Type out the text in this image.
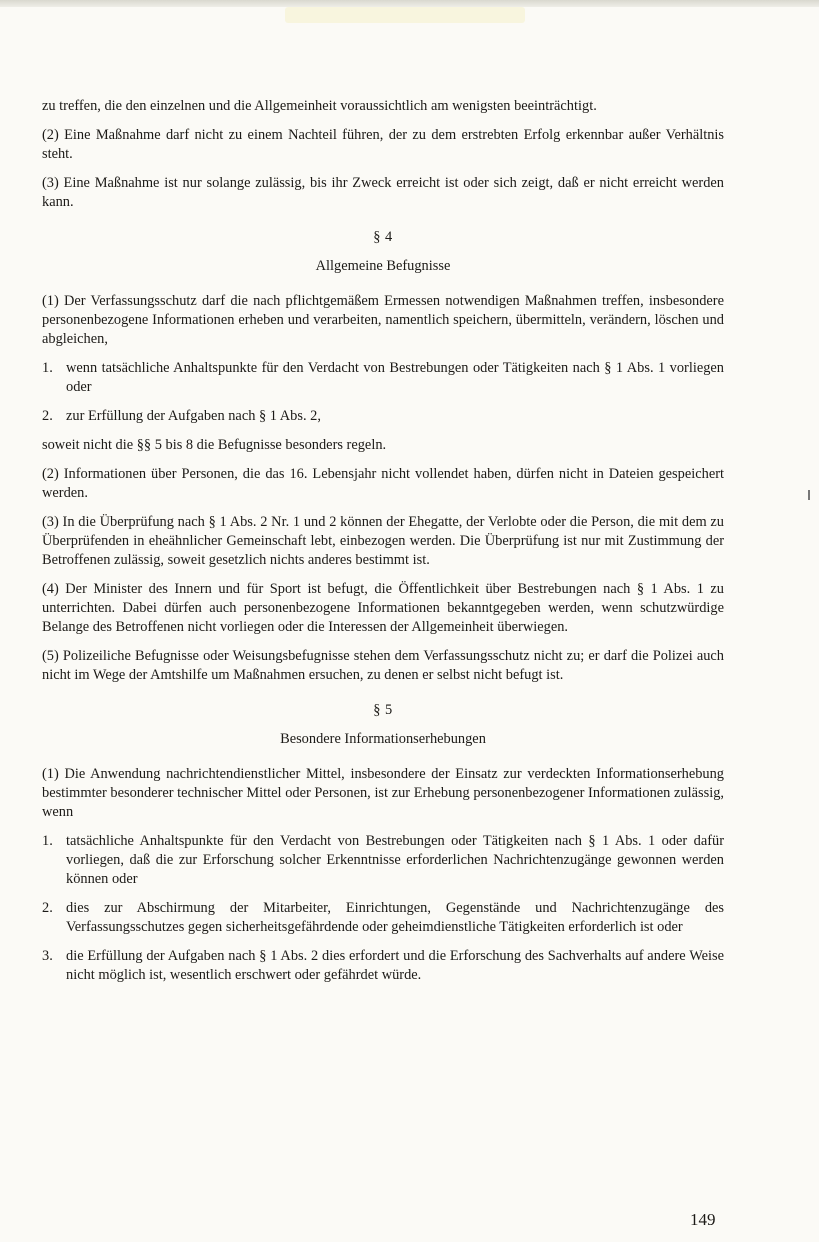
zu treffen, die den einzelnen und die Allgemeinheit voraussichtlich am wenigsten beeinträchtigt.

(2) Eine Maßnahme darf nicht zu einem Nachteil führen, der zu dem erstrebten Erfolg erkennbar außer Verhältnis steht.

(3) Eine Maßnahme ist nur solange zulässig, bis ihr Zweck erreicht ist oder sich zeigt, daß er nicht erreicht werden kann.

§ 4

Allgemeine Befugnisse

(1) Der Verfassungsschutz darf die nach pflichtgemäßem Ermessen notwendigen Maßnahmen treffen, insbesondere personenbezogene Informationen erheben und verarbeiten, namentlich speichern, übermitteln, verändern, löschen und abgleichen,

1. wenn tatsächliche Anhaltspunkte für den Verdacht von Bestrebungen oder Tätigkeiten nach § 1 Abs. 1 vorliegen oder
2. zur Erfüllung der Aufgaben nach § 1 Abs. 2,

soweit nicht die §§ 5 bis 8 die Befugnisse besonders regeln.

(2) Informationen über Personen, die das 16. Lebensjahr nicht vollendet haben, dürfen nicht in Dateien gespeichert werden.

(3) In die Überprüfung nach § 1 Abs. 2 Nr. 1 und 2 können der Ehegatte, der Verlobte oder die Person, die mit dem zu Überprüfenden in eheähnlicher Gemeinschaft lebt, einbezogen werden. Die Überprüfung ist nur mit Zustimmung der Betroffenen zulässig, soweit gesetzlich nichts anderes bestimmt ist.

(4) Der Minister des Innern und für Sport ist befugt, die Öffentlichkeit über Bestrebungen nach § 1 Abs. 1 zu unterrichten. Dabei dürfen auch personenbezogene Informationen bekanntgegeben werden, wenn schutzwürdige Belange des Betroffenen nicht vorliegen oder die Interessen der Allgemeinheit überwiegen.

(5) Polizeiliche Befugnisse oder Weisungsbefugnisse stehen dem Verfassungsschutz nicht zu; er darf die Polizei auch nicht im Wege der Amtshilfe um Maßnahmen ersuchen, zu denen er selbst nicht befugt ist.

§ 5

Besondere Informationserhebungen

(1) Die Anwendung nachrichtendienstlicher Mittel, insbesondere der Einsatz zur verdeckten Informationserhebung bestimmter besonderer technischer Mittel oder Personen, ist zur Erhebung personenbezogener Informationen zulässig, wenn

1. tatsächliche Anhaltspunkte für den Verdacht von Bestrebungen oder Tätigkeiten nach § 1 Abs. 1 oder dafür vorliegen, daß die zur Erforschung solcher Erkenntnisse erforderlichen Nachrichtenzugänge gewonnen werden können oder
2. dies zur Abschirmung der Mitarbeiter, Einrichtungen, Gegenstände und Nachrichtenzugänge des Verfassungsschutzes gegen sicherheitsgefährdende oder geheimdienstliche Tätigkeiten erforderlich ist oder
3. die Erfüllung der Aufgaben nach § 1 Abs. 2 dies erfordert und die Erforschung des Sachverhalts auf andere Weise nicht möglich ist, wesentlich erschwert oder gefährdet würde.
149
